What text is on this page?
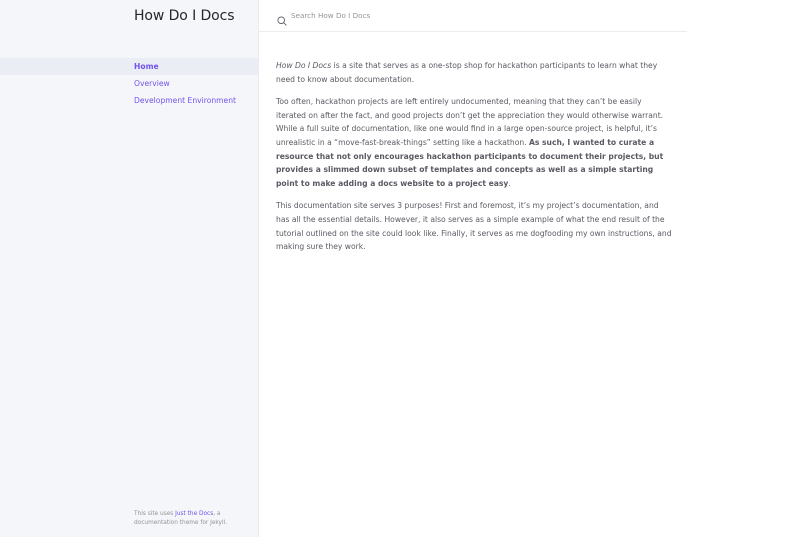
How Do I Docs
Home
Overview
Development Environment
This site uses Just the Docs, a documentation theme for Jekyll.
Search How Do I Docs

How Do I Docs is a site that serves as a one-stop shop for hackathon participants to learn what they need to know about documentation.

Too often, hackathon projects are left entirely undocumented, meaning that they can’t be easily iterated on after the fact, and good projects don’t get the appreciation they would otherwise warrant. While a full suite of documentation, like one would find in a large open-source project, is helpful, it’s unrealistic in a “move-fast-break-things” setting like a hackathon. As such, I wanted to curate a resource that not only encourages hackathon participants to document their projects, but provides a slimmed down subset of templates and concepts as well as a simple starting point to make adding a docs website to a project easy.

This documentation site serves 3 purposes! First and foremost, it’s my project’s documentation, and has all the essential details. However, it also serves as a simple example of what the end result of the tutorial outlined on the site could look like. Finally, it serves as me dogfooding my own instructions, and making sure they work.
